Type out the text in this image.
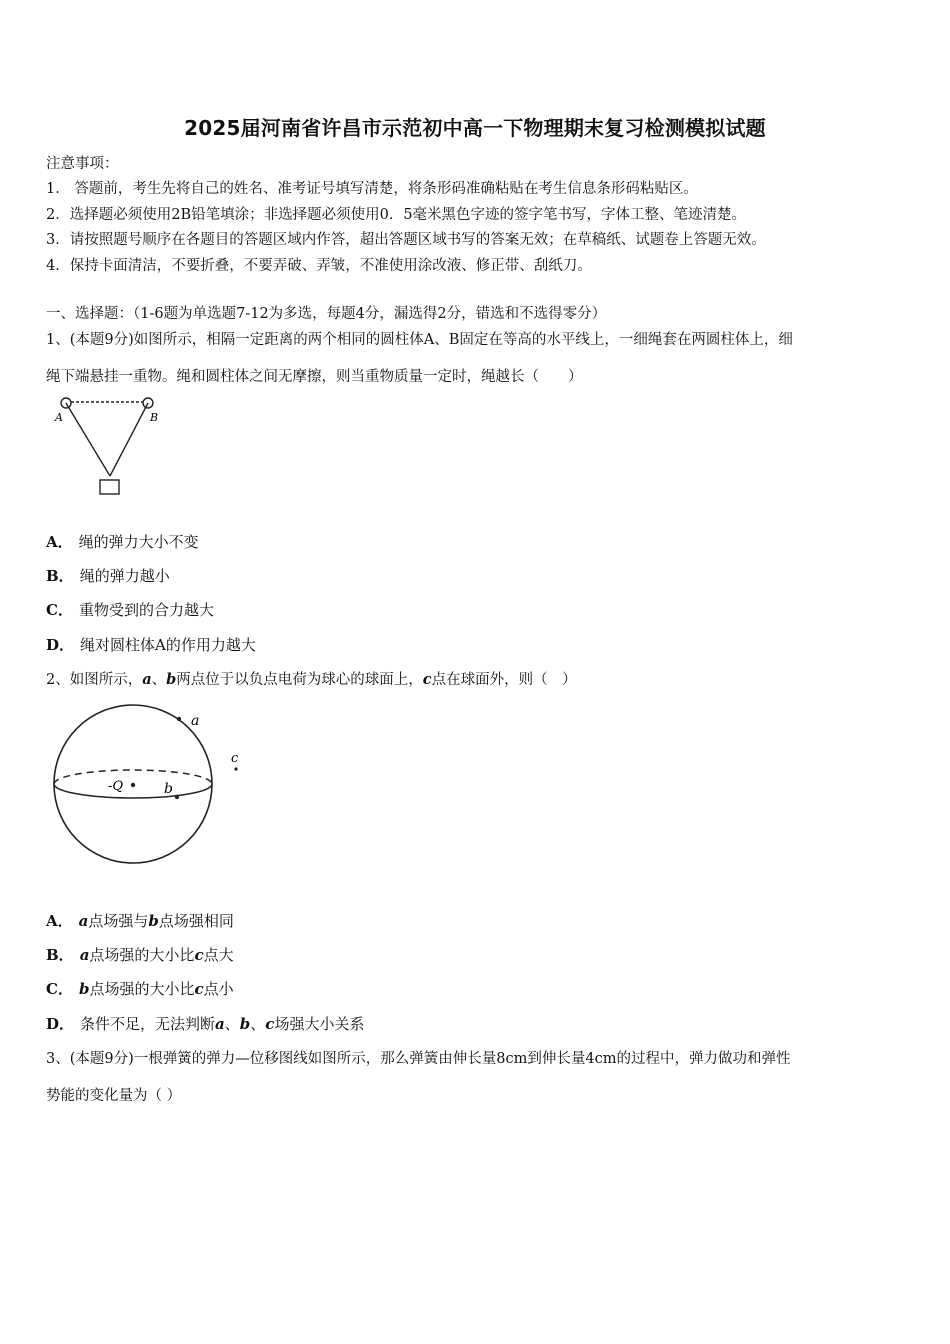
2025届河南省许昌市示范初中高一下物理期末复习检测模拟试题
注意事项：
1． 答题前，考生先将自己的姓名、准考证号填写清楚，将条形码准确粘贴在考生信息条形码粘贴区。
2．选择题必须使用2B铅笔填涂；非选择题必须使用0．5毫米黑色字迹的签字笔书写，字体工整、笔迹清楚。
3．请按照题号顺序在各题目的答题区域内作答，超出答题区域书写的答案无效；在草稿纸、试题卷上答题无效。
4．保持卡面清洁，不要折叠，不要弄破、弄皱，不准使用涂改液、修正带、刮纸刀。
一、选择题：（1-6题为单选题7-12为多选，每题4分，漏选得2分，错选和不选得零分）
1、(本题9分)如图所示，相隔一定距离的两个相同的圆柱体A、B固定在等高的水平线上，一细绳套在两圆柱体上，细
绳下端悬挂一重物。绳和圆柱体之间无摩擦，则当重物质量一定时，绳越长（　　）
A	B
A． 绳的弹力大小不变
B． 绳的弹力越小
C． 重物受到的合力越大
D． 绳对圆柱体A的作用力越大
2、如图所示，a、b两点位于以负点电荷为球心的球面上，c点在球面外，则（　）
-Q
a
b
c
A． a点场强与b点场强相同
B． a点场强的大小比c点大
C． b点场强的大小比c点小
D． 条件不足，无法判断a、b、c场强大小关系
3、(本题9分)一根弹簧的弹力—位移图线如图所示，那么弹簧由伸长量8cm到伸长量4cm的过程中，弹力做功和弹性
势能的变化量为（ ）
